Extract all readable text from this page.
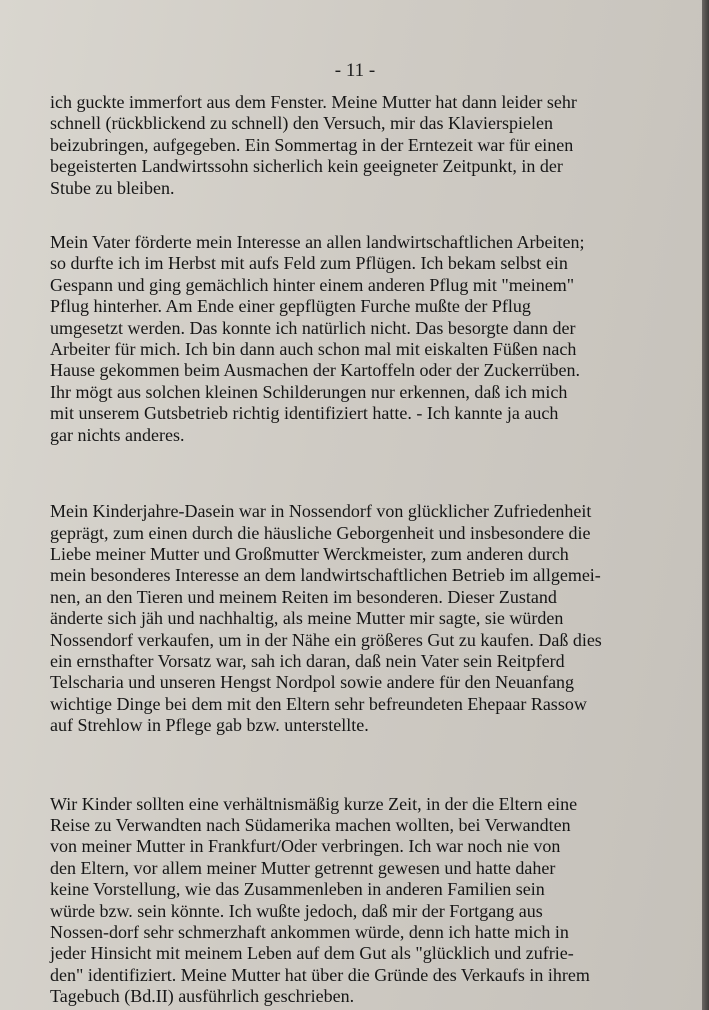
- 11 -

ich guckte immerfort aus dem Fenster. Meine Mutter hat dann leider sehr
schnell (rückblickend zu schnell) den Versuch, mir das Klavierspielen
beizubringen, aufgegeben. Ein Sommertag in der Erntezeit war für einen
begeisterten Landwirtssohn sicherlich kein geeigneter Zeitpunkt, in der
Stube zu bleiben.

Mein Vater förderte mein Interesse an allen landwirtschaftlichen Arbeiten;
so durfte ich im Herbst mit aufs Feld zum Pflügen. Ich bekam selbst ein
Gespann und ging gemächlich hinter einem anderen Pflug mit "meinem"
Pflug hinterher. Am Ende einer gepflügten Furche mußte der Pflug
umgesetzt werden. Das konnte ich natürlich nicht. Das besorgte dann der
Arbeiter für mich. Ich bin dann auch schon mal mit eiskalten Füßen nach
Hause gekommen beim Ausmachen der Kartoffeln oder der Zuckerrüben.
Ihr mögt aus solchen kleinen Schilderungen nur erkennen, daß ich mich
mit unserem Gutsbetrieb richtig identifiziert hatte. - Ich kannte ja auch
gar nichts anderes.

Mein Kinderjahre-Dasein war in Nossendorf von glücklicher Zufriedenheit
geprägt, zum einen durch die häusliche Geborgenheit und insbesondere die
Liebe meiner Mutter und Großmutter Werckmeister, zum anderen durch
mein besonderes Interesse an dem landwirtschaftlichen Betrieb im allgemei-
nen, an den Tieren und meinem Reiten im besonderen. Dieser Zustand
änderte sich jäh und nachhaltig, als meine Mutter mir sagte, sie würden
Nossendorf verkaufen, um in der Nähe ein größeres Gut zu kaufen. Daß dies
ein ernsthafter Vorsatz war, sah ich daran, daß nein Vater sein Reitpferd
Telscharia und unseren Hengst Nordpol sowie andere für den Neuanfang
wichtige Dinge bei dem mit den Eltern sehr befreundeten Ehepaar Rassow
auf Strehlow in Pflege gab bzw. unterstellte.

Wir Kinder sollten eine verhältnismäßig kurze Zeit, in der die Eltern eine
Reise zu Verwandten nach Südamerika machen wollten, bei Verwandten
von meiner Mutter in Frankfurt/Oder verbringen. Ich war noch nie von
den Eltern, vor allem meiner Mutter getrennt gewesen und hatte daher
keine Vorstellung, wie das Zusammenleben in anderen Familien sein
würde bzw. sein könnte. Ich wußte jedoch, daß mir der Fortgang aus
Nossen-dorf sehr schmerzhaft ankommen würde, denn ich hatte mich in
jeder Hinsicht mit meinem Leben auf dem Gut als "glücklich und zufrie-
den" identifiziert. Meine Mutter hat über die Gründe des Verkaufs in ihrem
Tagebuch (Bd.II) ausführlich geschrieben.
